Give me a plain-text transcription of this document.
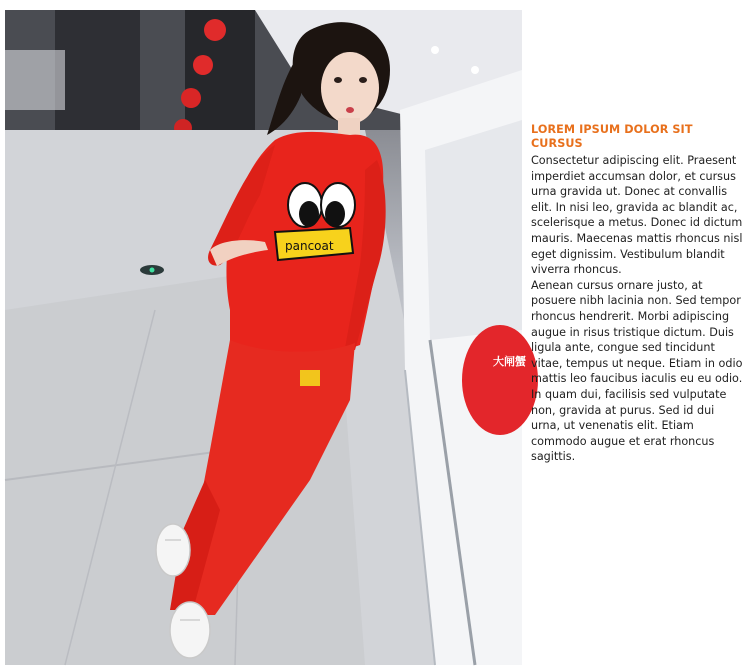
大闸蟹
pancoat

LOREM IPSUM DOLOR SIT CURSUS

Consectetur adipiscing elit. Praesent imperdiet accumsan dolor, et cursus urna gravida ut. Donec at convallis elit. In nisi leo, gravida ac blandit ac, scelerisque a metus. Donec id dictum mauris. Maecenas mattis rhoncus nisl eget dignissim. Vestibulum blandit viverra rhoncus.

Aenean cursus ornare justo, at posuere nibh lacinia non. Sed tempor rhoncus hendrerit. Morbi adipiscing augue in risus tristique dictum. Duis ligula ante, congue sed tincidunt vitae, tempus ut neque. Etiam in odio mattis leo faucibus iaculis eu eu odio. In quam dui, facilisis sed vulputate non, gravida at purus. Sed id dui urna, ut venenatis elit. Etiam commodo augue et erat rhoncus sagittis.
